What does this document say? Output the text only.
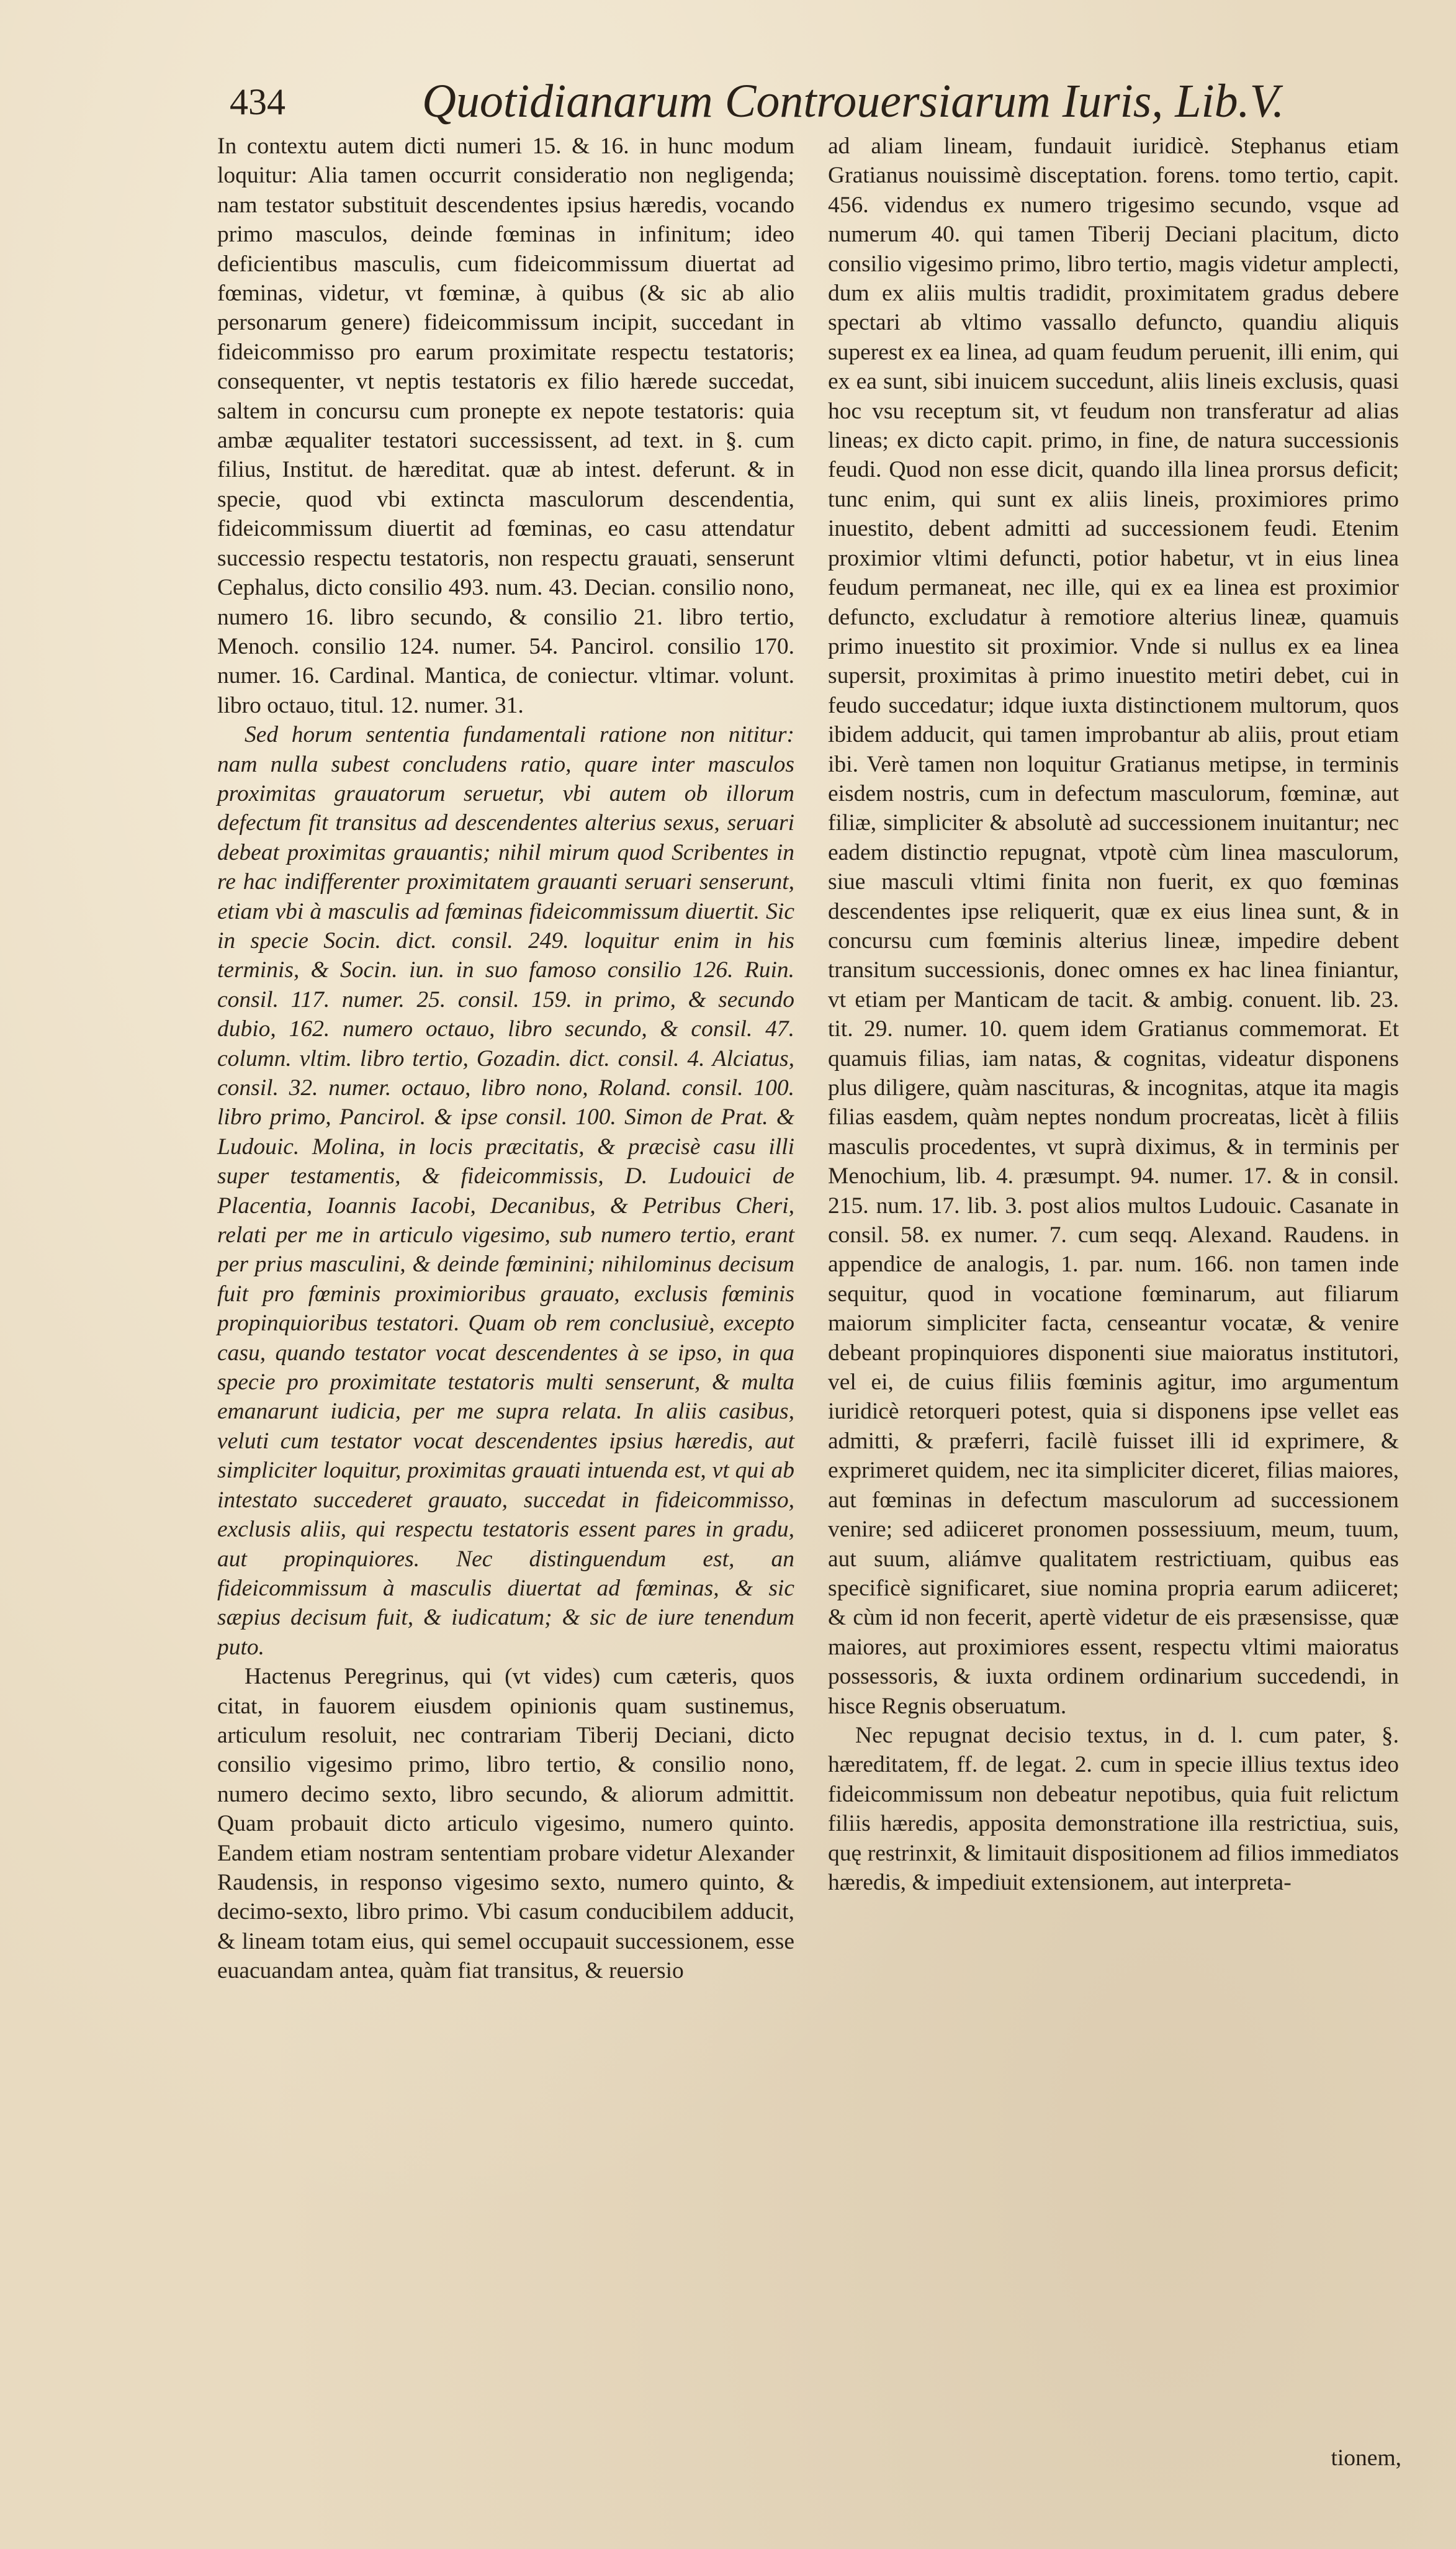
434	Quotidianarum Controuersiarum Iuris, Lib.V.

In contextu autem dicti numeri 15. & 16. in hunc modum loquitur: Alia tamen occurrit consideratio non negligenda; nam testator substituit descendentes ipsius hæredis, vocando primo masculos, deinde fœminas in infinitum; ideo deficientibus masculis, cum fideicommissum diuertat ad fœminas, videtur, vt fœminæ, à quibus (& sic ab alio personarum genere) fideicommissum incipit, succedant in fideicommisso pro earum proximitate respectu testatoris; consequenter, vt neptis testatoris ex filio hærede succedat, saltem in concursu cum pronepte ex nepote testatoris: quia ambæ æqualiter testatori successissent, ad text. in §. cum filius, Institut. de hæreditat. quæ ab intest. deferunt. & in specie, quod vbi extincta masculorum descendentia, fideicommissum diuertit ad fœminas, eo casu attendatur successio respectu testatoris, non respectu grauati, senserunt Cephalus, dicto consilio 493. num. 43. Decian. consilio nono, numero 16. libro secundo, & consilio 21. libro tertio, Menoch. consilio 124. numer. 54. Pancirol. consilio 170. numer. 16. Cardinal. Mantica, de coniectur. vltimar. volunt. libro octauo, titul. 12. numer. 31.

Sed horum sententia fundamentali ratione non nititur: nam nulla subest concludens ratio, quare inter masculos proximitas grauatorum seruetur, vbi autem ob illorum defectum fit transitus ad descendentes alterius sexus, seruari debeat proximitas grauantis; nihil mirum quod Scribentes in re hac indifferenter proximitatem grauanti seruari senserunt, etiam vbi à masculis ad fœminas fideicommissum diuertit. Sic in specie Socin. dict. consil. 249. loquitur enim in his terminis, & Socin. iun. in suo famoso consilio 126. Ruin. consil. 117. numer. 25. consil. 159. in primo, & secundo dubio, 162. numero octauo, libro secundo, & consil. 47. column. vltim. libro tertio, Gozadin. dict. consil. 4. Alciatus, consil. 32. numer. octauo, libro nono, Roland. consil. 100. libro primo, Pancirol. & ipse consil. 100. Simon de Prat. & Ludouic. Molina, in locis præcitatis, & præcisè casu illi super testamentis, & fideicommissis, D. Ludouici de Placentia, Ioannis Iacobi, Decanibus, & Petribus Cheri, relati per me in articulo vigesimo, sub numero tertio, erant per prius masculini, & deinde fœminini; nihilominus decisum fuit pro fœminis proximioribus grauato, exclusis fœminis propinquioribus testatori. Quam ob rem conclusiuè, excepto casu, quando testator vocat descendentes à se ipso, in qua specie pro proximitate testatoris multi senserunt, & multa emanarunt iudicia, per me supra relata. In aliis casibus, veluti cum testator vocat descendentes ipsius hæredis, aut simpliciter loquitur, proximitas grauati intuenda est, vt qui ab intestato succederet grauato, succedat in fideicommisso, exclusis aliis, qui respectu testatoris essent pares in gradu, aut propinquiores. Nec distinguendum est, an fideicommissum à masculis diuertat ad fœminas, & sic sæpius decisum fuit, & iudicatum; & sic de iure tenendum puto.

Hactenus Peregrinus, qui (vt vides) cum cæteris, quos citat, in fauorem eiusdem opinionis quam sustinemus, articulum resoluit, nec contrariam Tiberij Deciani, dicto consilio vigesimo primo, libro tertio, & consilio nono, numero decimo sexto, libro secundo, & aliorum admittit. Quam probauit dicto articulo vigesimo, numero quinto. Eandem etiam nostram sententiam probare videtur Alexander Raudensis, in responso vigesimo sexto, numero quinto, & decimo-sexto, libro primo. Vbi casum conducibilem adducit, & lineam totam eius, qui semel occupauit successionem, esse euacuandam antea, quàm fiat transitus, & reuersio

ad aliam lineam, fundauit iuridicè. Stephanus etiam Gratianus nouissimè disceptation. forens. tomo tertio, capit. 456. videndus ex numero trigesimo secundo, vsque ad numerum 40. qui tamen Tiberij Deciani placitum, dicto consilio vigesimo primo, libro tertio, magis videtur amplecti, dum ex aliis multis tradidit, proximitatem gradus debere spectari ab vltimo vassallo defuncto, quandiu aliquis superest ex ea linea, ad quam feudum peruenit, illi enim, qui ex ea sunt, sibi inuicem succedunt, aliis lineis exclusis, quasi hoc vsu receptum sit, vt feudum non transferatur ad alias lineas; ex dicto capit. primo, in fine, de natura successionis feudi. Quod non esse dicit, quando illa linea prorsus deficit; tunc enim, qui sunt ex aliis lineis, proximiores primo inuestito, debent admitti ad successionem feudi. Etenim proximior vltimi defuncti, potior habetur, vt in eius linea feudum permaneat, nec ille, qui ex ea linea est proximior defuncto, excludatur à remotiore alterius lineæ, quamuis primo inuestito sit proximior. Vnde si nullus ex ea linea supersit, proximitas à primo inuestito metiri debet, cui in feudo succedatur; idque iuxta distinctionem multorum, quos ibidem adducit, qui tamen improbantur ab aliis, prout etiam ibi. Verè tamen non loquitur Gratianus metipse, in terminis eisdem nostris, cum in defectum masculorum, fœminæ, aut filiæ, simpliciter & absolutè ad successionem inuitantur; nec eadem distinctio repugnat, vtpotè cùm linea masculorum, siue masculi vltimi finita non fuerit, ex quo fœminas descendentes ipse reliquerit, quæ ex eius linea sunt, & in concursu cum fœminis alterius lineæ, impedire debent transitum successionis, donec omnes ex hac linea finiantur, vt etiam per Manticam de tacit. & ambig. conuent. lib. 23. tit. 29. numer. 10. quem idem Gratianus commemorat. Et quamuis filias, iam natas, & cognitas, videatur disponens plus diligere, quàm nascituras, & incognitas, atque ita magis filias easdem, quàm neptes nondum procreatas, licèt à filiis masculis procedentes, vt suprà diximus, & in terminis per Menochium, lib. 4. præsumpt. 94. numer. 17. & in consil. 215. num. 17. lib. 3. post alios multos Ludouic. Casanate in consil. 58. ex numer. 7. cum seqq. Alexand. Raudens. in appendice de analogis, 1. par. num. 166. non tamen inde sequitur, quod in vocatione fœminarum, aut filiarum maiorum simpliciter facta, censeantur vocatæ, & venire debeant propinquiores disponenti siue maioratus institutori, vel ei, de cuius filiis fœminis agitur, imo argumentum iuridicè retorqueri potest, quia si disponens ipse vellet eas admitti, & præferri, facilè fuisset illi id exprimere, & exprimeret quidem, nec ita simpliciter diceret, filias maiores, aut fœminas in defectum masculorum ad successionem venire; sed adiiceret pronomen possessiuum, meum, tuum, aut suum, aliámve qualitatem restrictiuam, quibus eas specificè significaret, siue nomina propria earum adiiceret; & cùm id non fecerit, apertè videtur de eis præsensisse, quæ maiores, aut proximiores essent, respectu vltimi maioratus possessoris, & iuxta ordinem ordinarium succedendi, in hisce Regnis obseruatum.

Nec repugnat decisio textus, in d. l. cum pater, §. hæreditatem, ff. de legat. 2. cum in specie illius textus ideo fideicommissum non debeatur nepotibus, quia fuit relictum filiis hæredis, apposita demonstratione illa restrictiua, suis, quę restrinxit, & limitauit dispositionem ad filios immediatos hæredis, & impediuit extensionem, aut interpreta-

tionem,
